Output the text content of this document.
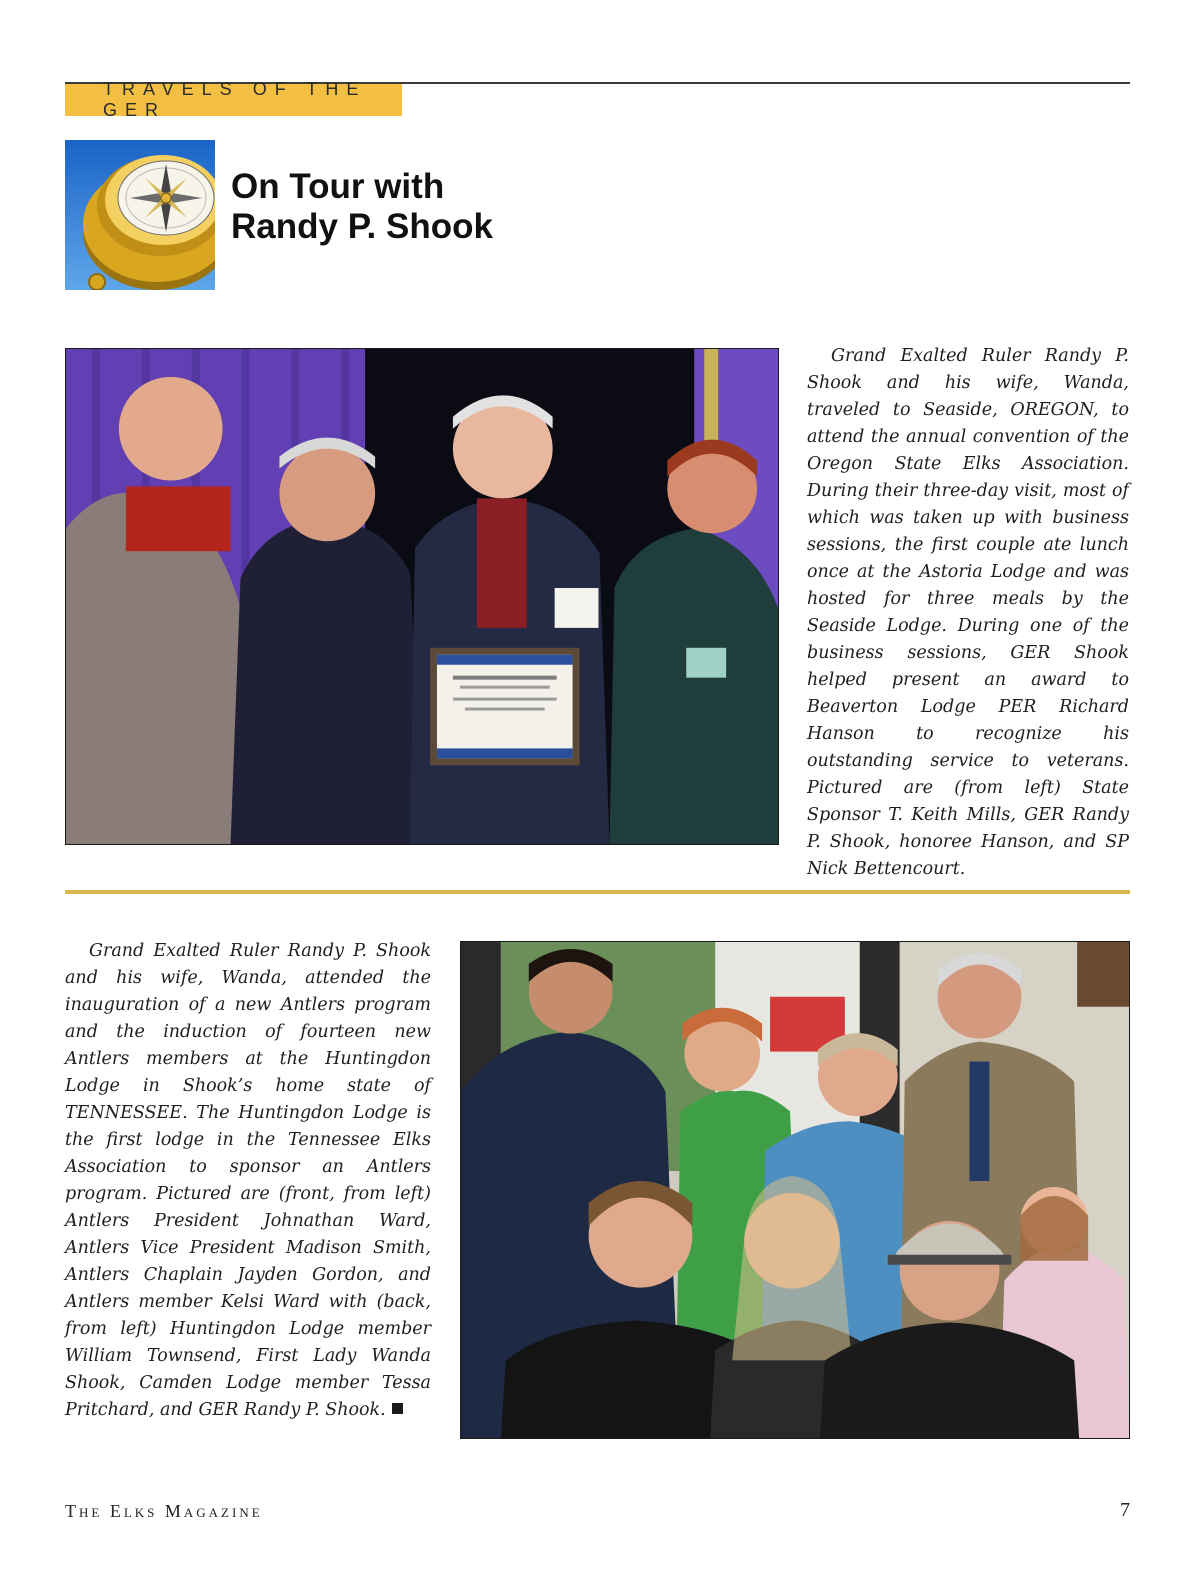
TRAVELS OF THE GER
On Tour with
Randy P. Shook

Grand Exalted Ruler Randy P. Shook and his wife, Wanda, traveled to Seaside, OREGON, to attend the annual convention of the Oregon State Elks Association. During their three-day visit, most of which was taken up with business sessions, the first couple ate lunch once at the Astoria Lodge and was hosted for three meals by the Seaside Lodge. During one of the business sessions, GER Shook helped present an award to Beaverton Lodge PER Richard Hanson to recognize his outstanding service to veterans. Pictured are (from left) State Sponsor T. Keith Mills, GER Randy P. Shook, honoree Hanson, and SP Nick Bettencourt.

Grand Exalted Ruler Randy P. Shook and his wife, Wanda, attended the inauguration of a new Antlers program and the induction of fourteen new Antlers members at the Huntingdon Lodge in Shook’s home state of TENNESSEE. The Huntingdon Lodge is the first lodge in the Tennessee Elks Association to sponsor an Antlers program. Pictured are (front, from left) Antlers President Johnathan Ward, Antlers Vice President Madison Smith, Antlers Chaplain Jayden Gordon, and Antlers member Kelsi Ward with (back, from left) Huntingdon Lodge member William Townsend, First Lady Wanda Shook, Camden Lodge member Tessa Pritchard, and GER Randy P. Shook.

The Elks Magazine	7
